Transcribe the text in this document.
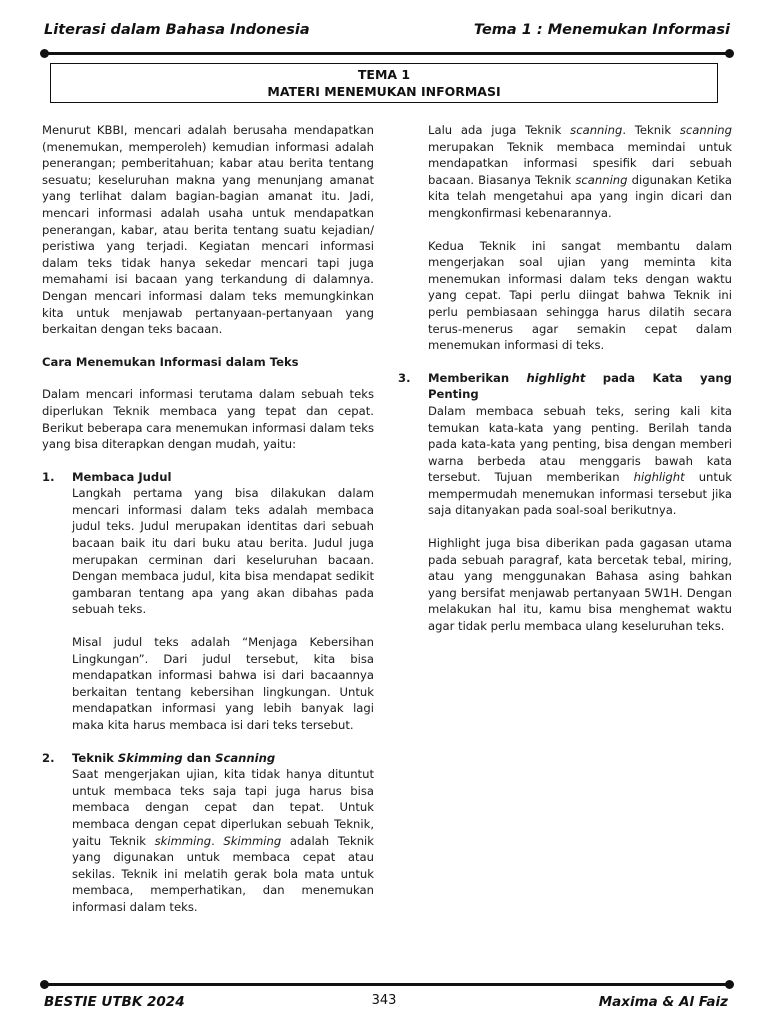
Literasi dalam Bahasa Indonesia	Tema 1 : Menemukan Informasi
TEMA 1
MATERI MENEMUKAN INFORMASI

Menurut KBBI, mencari adalah berusaha mendapatkan (menemukan, memperoleh) kemudian informasi adalah penerangan; pemberitahuan; kabar atau berita tentang sesuatu; keseluruhan makna yang menunjang amanat yang terlihat dalam bagian-bagian amanat itu. Jadi, mencari informasi adalah usaha untuk mendapatkan penerangan, kabar, atau berita tentang suatu kejadian/ peristiwa yang terjadi. Kegiatan mencari informasi dalam teks tidak hanya sekedar mencari tapi juga memahami isi bacaan yang terkandung di dalamnya. Dengan mencari informasi dalam teks memungkinkan kita untuk menjawab pertanyaan-pertanyaan yang berkaitan dengan teks bacaan.

Cara Menemukan Informasi dalam Teks

Dalam mencari informasi terutama dalam sebuah teks diperlukan Teknik membaca yang tepat dan cepat. Berikut beberapa cara menemukan informasi dalam teks yang bisa diterapkan dengan mudah, yaitu:

1. Membaca Judul

Langkah pertama yang bisa dilakukan dalam mencari informasi dalam teks adalah membaca judul teks. Judul merupakan identitas dari sebuah bacaan baik itu dari buku atau berita. Judul juga merupakan cerminan dari keseluruhan bacaan. Dengan membaca judul, kita bisa mendapat sedikit gambaran tentang apa yang akan dibahas pada sebuah teks.

Misal judul teks adalah “Menjaga Kebersihan Lingkungan”. Dari judul tersebut, kita bisa mendapatkan informasi bahwa isi dari bacaannya berkaitan tentang kebersihan lingkungan. Untuk mendapatkan informasi yang lebih banyak lagi maka kita harus membaca isi dari teks tersebut.

2. Teknik Skimming dan Scanning

Saat mengerjakan ujian, kita tidak hanya dituntut untuk membaca teks saja tapi juga harus bisa membaca dengan cepat dan tepat. Untuk membaca dengan cepat diperlukan sebuah Teknik, yaitu Teknik skimming. Skimming adalah Teknik yang digunakan untuk membaca cepat atau sekilas. Teknik ini melatih gerak bola mata untuk membaca, memperhatikan, dan menemukan informasi dalam teks.

Lalu ada juga Teknik scanning. Teknik scanning merupakan Teknik membaca memindai untuk mendapatkan informasi spesifik dari sebuah bacaan. Biasanya Teknik scanning digunakan Ketika kita telah mengetahui apa yang ingin dicari dan mengkonfirmasi kebenarannya.

Kedua Teknik ini sangat membantu dalam mengerjakan soal ujian yang meminta kita menemukan informasi dalam teks dengan waktu yang cepat. Tapi perlu diingat bahwa Teknik ini perlu pembiasaan sehingga harus dilatih secara terus-menerus agar semakin cepat dalam menemukan informasi di teks.

3. Memberikan highlight pada Kata yang Penting

Dalam membaca sebuah teks, sering kali kita temukan kata-kata yang penting. Berilah tanda pada kata-kata yang penting, bisa dengan memberi warna berbeda atau menggaris bawah kata tersebut. Tujuan memberikan highlight untuk mempermudah menemukan informasi tersebut jika saja ditanyakan pada soal-soal berikutnya.

Highlight juga bisa diberikan pada gagasan utama pada sebuah paragraf, kata bercetak tebal, miring, atau yang menggunakan Bahasa asing bahkan yang bersifat menjawab pertanyaan 5W1H. Dengan melakukan hal itu, kamu bisa menghemat waktu agar tidak perlu membaca ulang keseluruhan teks.

BESTIE UTBK 2024	343	Maxima & Al Faiz
